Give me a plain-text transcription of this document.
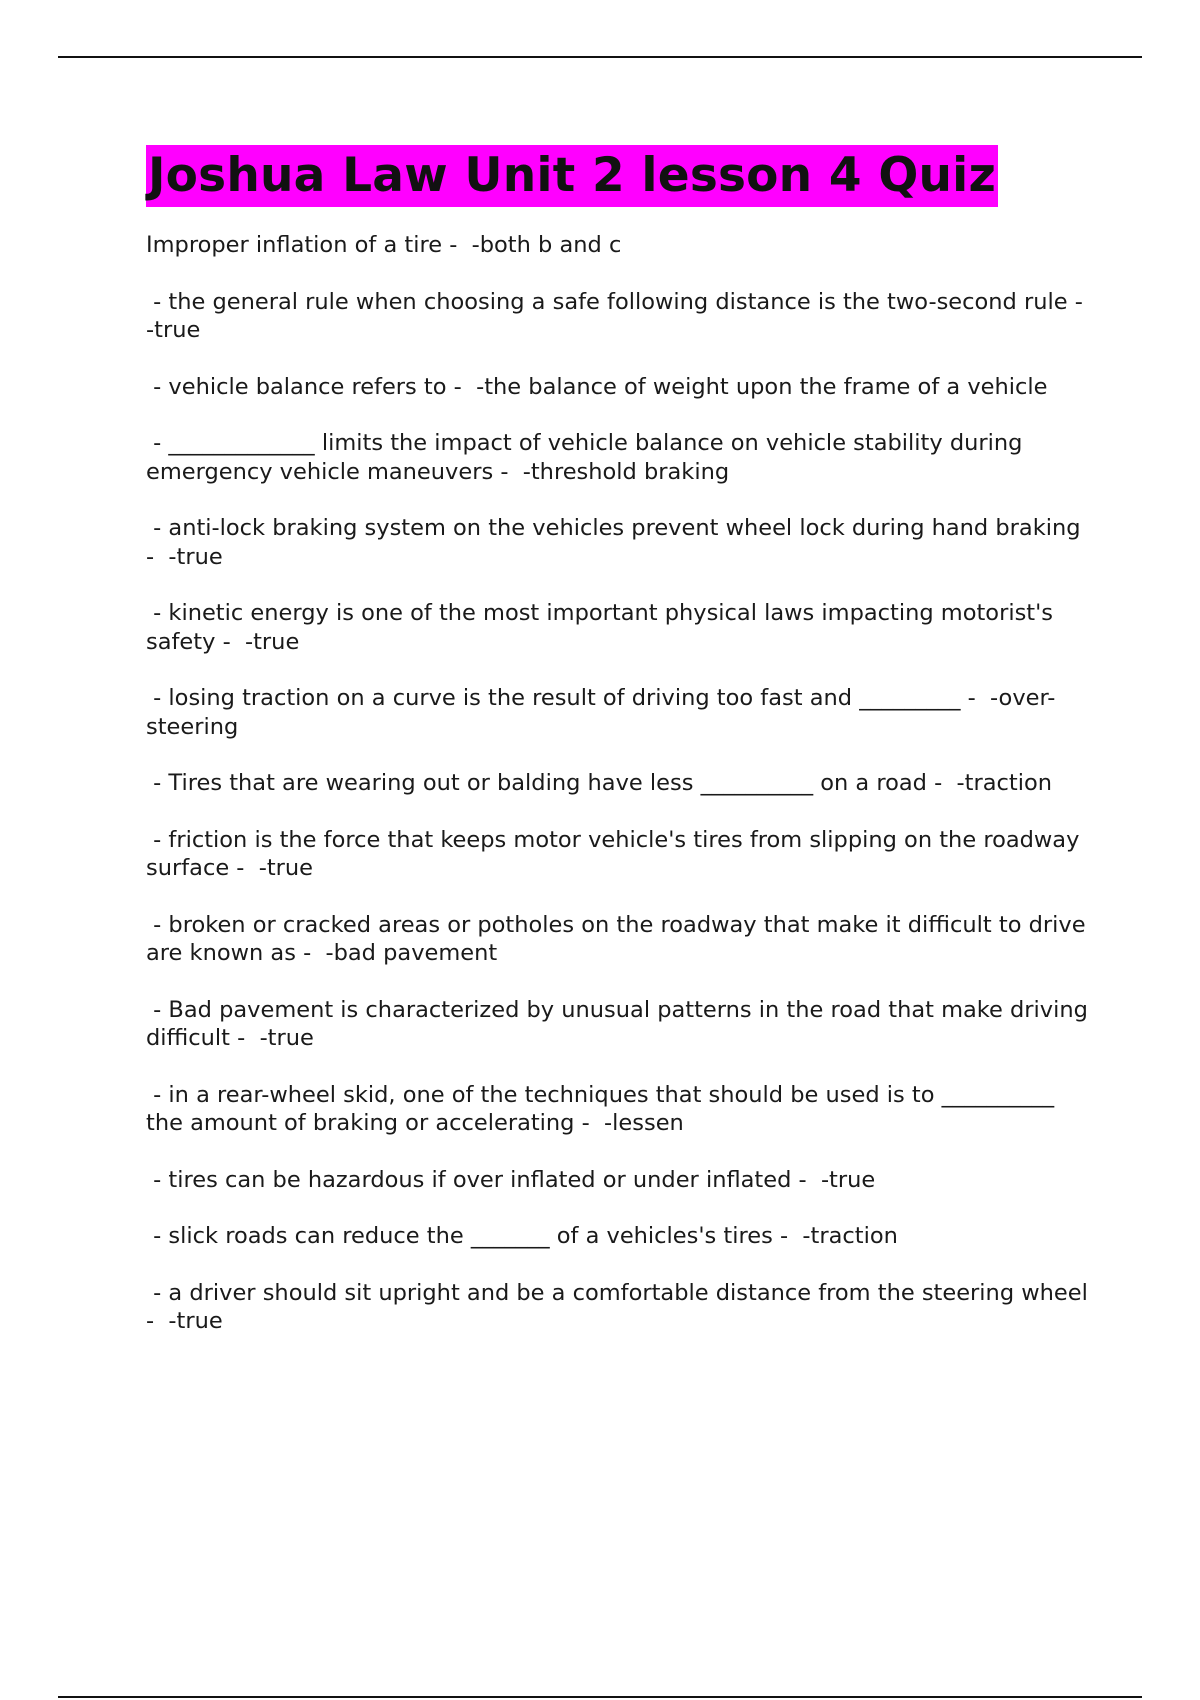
Joshua Law Unit 2 lesson 4 Quiz
Improper inflation of a tire -  -both b and c
- the general rule when choosing a safe following distance is the two-second rule -  -true
- vehicle balance refers to -  -the balance of weight upon the frame of a vehicle
- _____________ limits the impact of vehicle balance on vehicle stability during emergency vehicle maneuvers -  -threshold braking
- anti-lock braking system on the vehicles prevent wheel lock during hand braking -  -true
- kinetic energy is one of the most important physical laws impacting motorist's safety -  -true
- losing traction on a curve is the result of driving too fast and _________ -  -over-steering
- Tires that are wearing out or balding have less __________ on a road -  -traction
- friction is the force that keeps motor vehicle's tires from slipping on the roadway surface -  -true
- broken or cracked areas or potholes on the roadway that make it difficult to drive are known as -  -bad pavement
- Bad pavement is characterized by unusual patterns in the road that make driving difficult -  -true
- in a rear-wheel skid, one of the techniques that should be used is to __________ the amount of braking or accelerating -  -lessen
- tires can be hazardous if over inflated or under inflated -  -true
- slick roads can reduce the _______ of a vehicles's tires -  -traction
- a driver should sit upright and be a comfortable distance from the steering wheel -  -true
